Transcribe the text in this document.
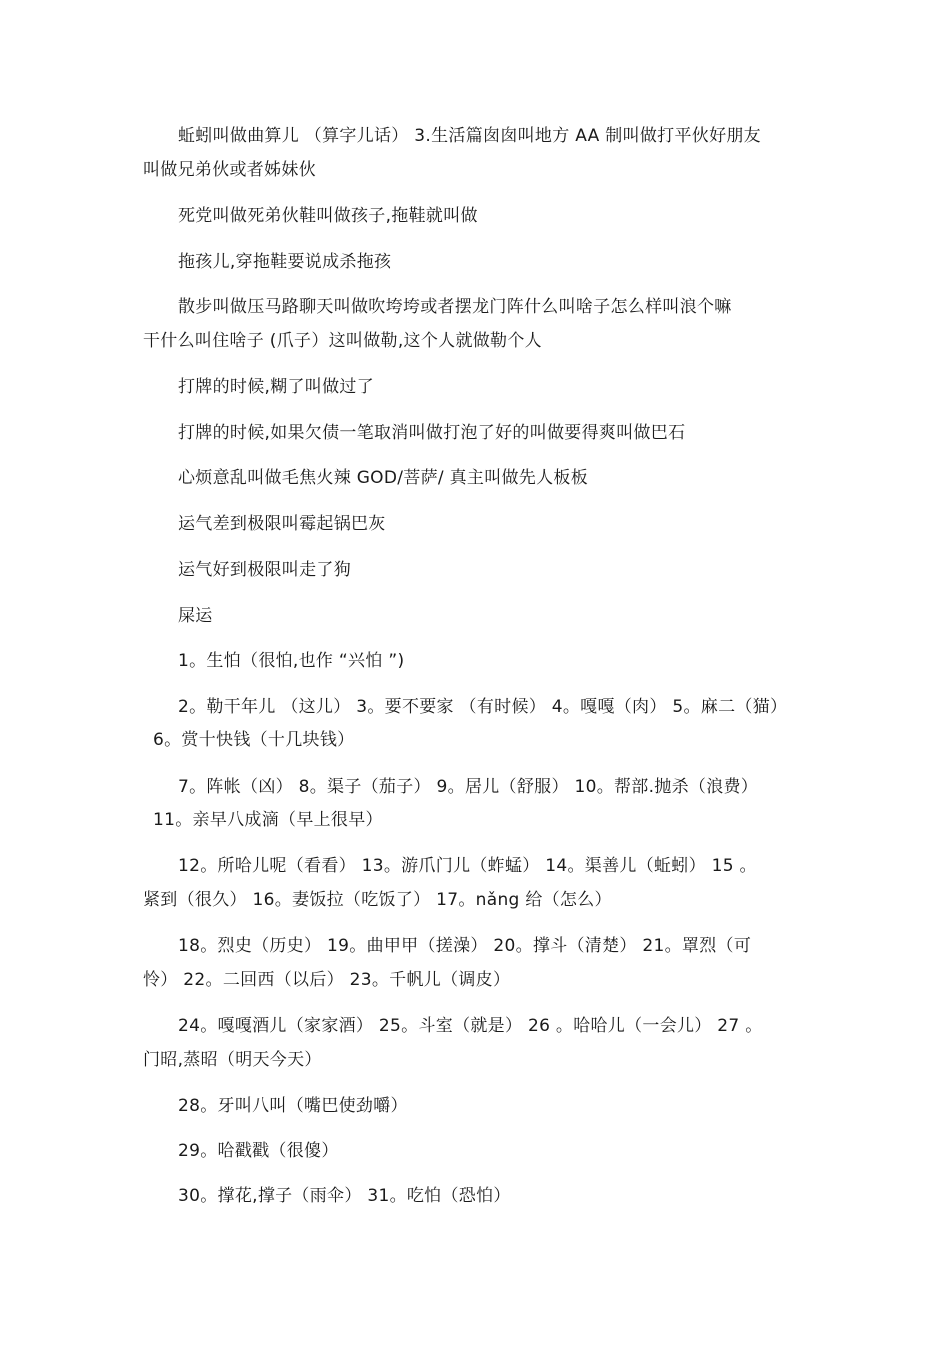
蚯蚓叫做曲算儿 （算字儿话） 3.生活篇囱囱叫地方 AA 制叫做打平伙好朋友
叫做兄弟伙或者姊妹伙
死党叫做死弟伙鞋叫做孩子,拖鞋就叫做
拖孩儿,穿拖鞋要说成杀拖孩
散步叫做压马路聊天叫做吹垮垮或者摆龙门阵什么叫啥子怎么样叫浪个嘛
干什么叫住啥子 (爪子）这叫做勒,这个人就做勒个人
打牌的时候,糊了叫做过了
打牌的时候,如果欠债一笔取消叫做打泡了好的叫做要得爽叫做巴石
心烦意乱叫做毛焦火辣 GOD/菩萨/ 真主叫做先人板板
运气差到极限叫霉起锅巴灰
运气好到极限叫走了狗
屎运
1。生怕（很怕,也作 “兴怕 ”)
2。勒干年儿 （这儿） 3。要不要家 （有时候） 4。嘎嘎（肉） 5。麻二（猫）
6。赏十快钱（十几块钱）
7。阵帐（凶） 8。渠子（茄子） 9。居儿（舒服） 10。帮部.抛杀（浪费）
11。亲早八成滴（早上很早）
12。所哈儿呢（看看） 13。游爪门儿（蚱蜢） 14。渠善儿（蚯蚓） 15 。
紧到（很久） 16。妻饭拉（吃饭了） 17。nǎng 给（怎么）
18。烈史（历史） 19。曲甲甲（搓澡） 20。撑斗（清楚） 21。罩烈（可
怜） 22。二回西（以后） 23。千帆儿（调皮）
24。嘎嘎酒儿（家家酒） 25。斗室（就是） 26 。哈哈儿（一会儿） 27 。
门昭,蒸昭（明天今天）
28。牙叫八叫（嘴巴使劲嚼）
29。哈戳戳（很傻）
30。撑花,撑子（雨伞） 31。吃怕（恐怕）
